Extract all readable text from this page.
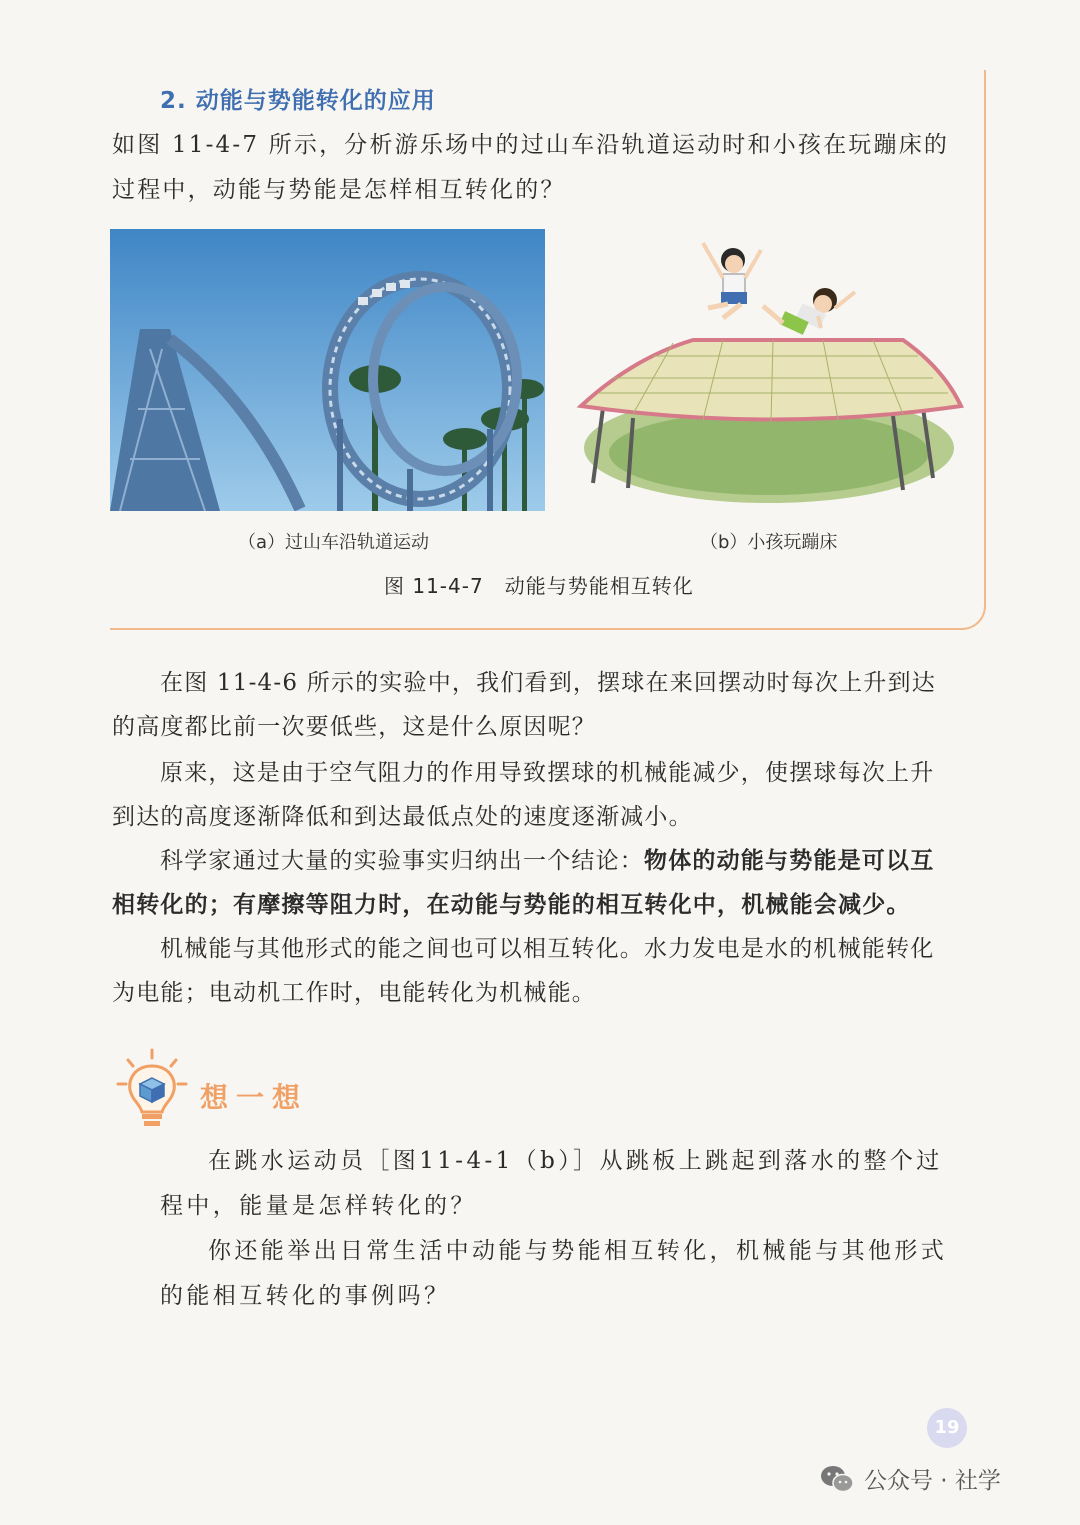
2. 动能与势能转化的应用
如图 11-4-7 所示，分析游乐场中的过山车沿轨道运动时和小孩在玩蹦床的
过程中，动能与势能是怎样相互转化的？
（a）过山车沿轨道运动	（b）小孩玩蹦床
图 11-4-7　动能与势能相互转化
在图 11-4-6 所示的实验中，我们看到，摆球在来回摆动时每次上升到达
的高度都比前一次要低些，这是什么原因呢？
原来，这是由于空气阻力的作用导致摆球的机械能减少，使摆球每次上升
到达的高度逐渐降低和到达最低点处的速度逐渐减小。
科学家通过大量的实验事实归纳出一个结论：物体的动能与势能是可以互
相转化的；有摩擦等阻力时，在动能与势能的相互转化中，机械能会减少。
机械能与其他形式的能之间也可以相互转化。水力发电是水的机械能转化
为电能；电动机工作时，电能转化为机械能。
想一想
在跳水运动员［图11-4-1（b）］从跳板上跳起到落水的整个过
程中，能量是怎样转化的？
你还能举出日常生活中动能与势能相互转化，机械能与其他形式
的能相互转化的事例吗？
19
公众号 · 社学
